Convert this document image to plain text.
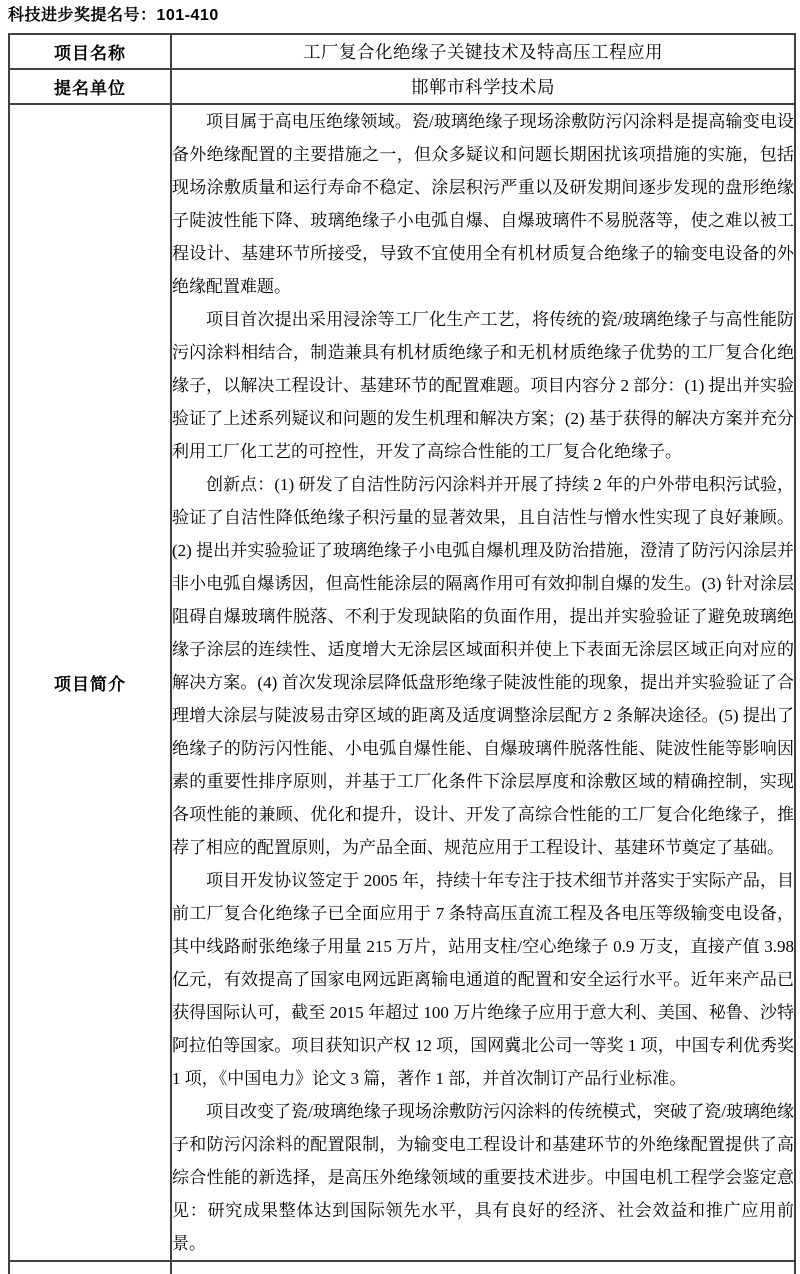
科技进步奖提名号：101-410
项目名称	工厂复合化绝缘子关键技术及特高压工程应用
提名单位	邯郸市科学技术局
项目简介	项目属于高电压绝缘领域。瓷/玻璃绝缘子现场涂敷防污闪涂料是提高输变电设备外绝缘配置的主要措施之一，但众多疑议和问题长期困扰该项措施的实施，包括现场涂敷质量和运行寿命不稳定、涂层积污严重以及研发期间逐步发现的盘形绝缘子陡波性能下降、玻璃绝缘子小电弧自爆、自爆玻璃件不易脱落等，使之难以被工程设计、基建环节所接受，导致不宜使用全有机材质复合绝缘子的输变电设备的外绝缘配置难题。

项目首次提出采用浸涂等工厂化生产工艺，将传统的瓷/玻璃绝缘子与高性能防污闪涂料相结合，制造兼具有机材质绝缘子和无机材质绝缘子优势的工厂复合化绝缘子，以解决工程设计、基建环节的配置难题。项目内容分 2 部分：(1) 提出并实验验证了上述系列疑议和问题的发生机理和解决方案；(2) 基于获得的解决方案并充分利用工厂化工艺的可控性，开发了高综合性能的工厂复合化绝缘子。

创新点：(1) 研发了自洁性防污闪涂料并开展了持续 2 年的户外带电积污试验，验证了自洁性降低绝缘子积污量的显著效果，且自洁性与憎水性实现了良好兼顾。(2) 提出并实验验证了玻璃绝缘子小电弧自爆机理及防治措施，澄清了防污闪涂层并非小电弧自爆诱因，但高性能涂层的隔离作用可有效抑制自爆的发生。(3) 针对涂层阻碍自爆玻璃件脱落、不利于发现缺陷的负面作用，提出并实验验证了避免玻璃绝缘子涂层的连续性、适度增大无涂层区域面积并使上下表面无涂层区域正向对应的解决方案。(4) 首次发现涂层降低盘形绝缘子陡波性能的现象，提出并实验验证了合理增大涂层与陡波易击穿区域的距离及适度调整涂层配方 2 条解决途径。(5) 提出了绝缘子的防污闪性能、小电弧自爆性能、自爆玻璃件脱落性能、陡波性能等影响因素的重要性排序原则，并基于工厂化条件下涂层厚度和涂敷区域的精确控制，实现各项性能的兼顾、优化和提升，设计、开发了高综合性能的工厂复合化绝缘子，推荐了相应的配置原则，为产品全面、规范应用于工程设计、基建环节奠定了基础。

项目开发协议签定于 2005 年，持续十年专注于技术细节并落实于实际产品，目前工厂复合化绝缘子已全面应用于 7 条特高压直流工程及各电压等级输变电设备，其中线路耐张绝缘子用量 215 万片，站用支柱/空心绝缘子 0.9 万支，直接产值 3.98 亿元，有效提高了国家电网远距离输电通道的配置和安全运行水平。近年来产品已获得国际认可，截至 2015 年超过 100 万片绝缘子应用于意大利、美国、秘鲁、沙特阿拉伯等国家。项目获知识产权 12 项，国网冀北公司一等奖 1 项，中国专利优秀奖 1 项，《中国电力》论文 3 篇，著作 1 部，并首次制订产品行业标准。

项目改变了瓷/玻璃绝缘子现场涂敷防污闪涂料的传统模式，突破了瓷/玻璃绝缘子和防污闪涂料的配置限制，为输变电工程设计和基建环节的外绝缘配置提供了高综合性能的新选择，是高压外绝缘领域的重要技术进步。中国电机工程学会鉴定意见：研究成果整体达到国际领先水平，具有良好的经济、社会效益和推广应用前景。
